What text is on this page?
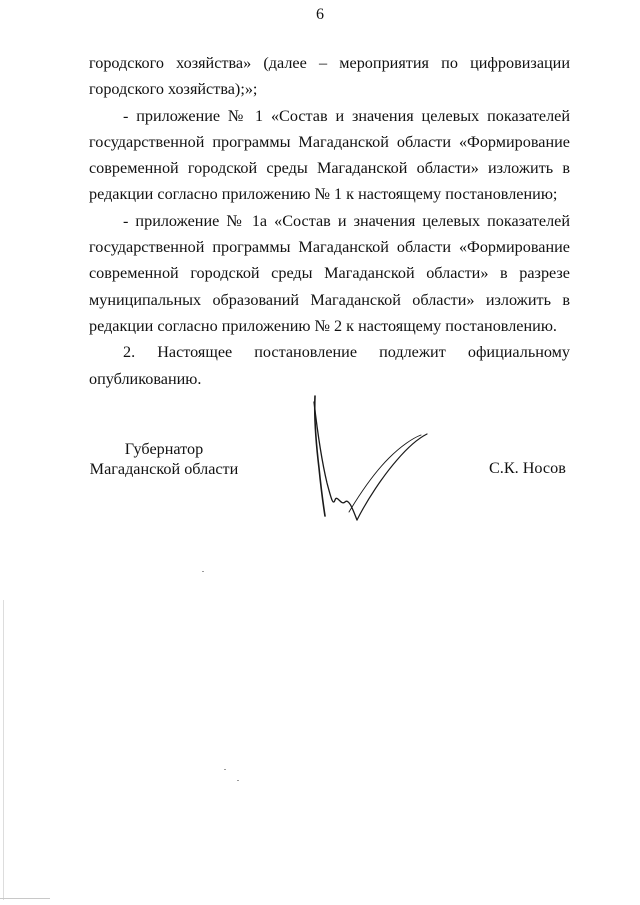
6

городского хозяйства» (далее – мероприятия по цифровизации городского хозяйства);»;

- приложение № 1 «Состав и значения целевых показателей государственной программы Магаданской области «Формирование современной городской среды Магаданской области» изложить в редакции согласно приложению № 1 к настоящему постановлению;

- приложение № 1а «Состав и значения целевых показателей государственной программы Магаданской области «Формирование современной городской среды Магаданской области» в разрезе муниципальных образований Магаданской области» изложить в редакции согласно приложению № 2 к настоящему постановлению.

2. Настоящее постановление подлежит официальному опубликованию.

Губернатор
Магаданской области	С.К. Носов
